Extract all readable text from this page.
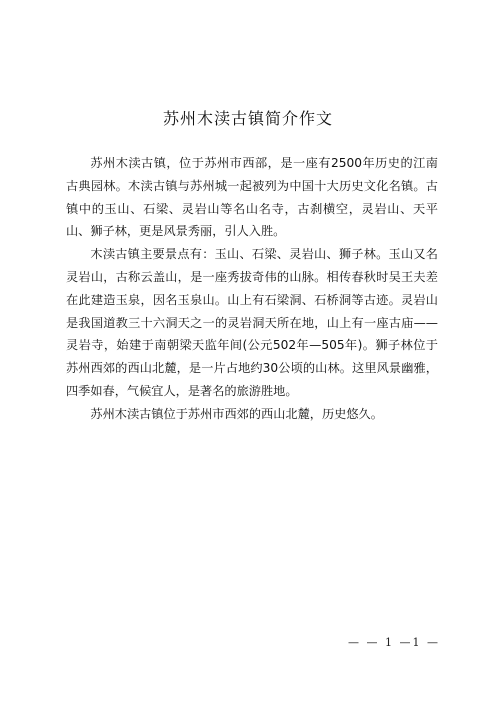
苏州木渎古镇简介作文

苏州木渎古镇，位于苏州市西部，是一座有2500年历史的江南古典园林。木渎古镇与苏州城一起被列为中国十大历史文化名镇。古镇中的玉山、石梁、灵岩山等名山名寺，古刹横空，灵岩山、天平山、狮子林，更是风景秀丽，引人入胜。

木渎古镇主要景点有：玉山、石梁、灵岩山、狮子林。玉山又名灵岩山，古称云盖山，是一座秀拔奇伟的山脉。相传春秋时吴王夫差在此建造玉泉，因名玉泉山。山上有石梁洞、石桥洞等古迹。灵岩山是我国道教三十六洞天之一的灵岩洞天所在地，山上有一座古庙——灵岩寺，始建于南朝梁天监年间(公元502年—505年)。狮子林位于苏州西郊的西山北麓，是一片占地约30公顷的山林。这里风景幽雅，四季如春，气候宜人，是著名的旅游胜地。

苏州木渎古镇位于苏州市西郊的西山北麓，历史悠久。

— — 1 —1 —
